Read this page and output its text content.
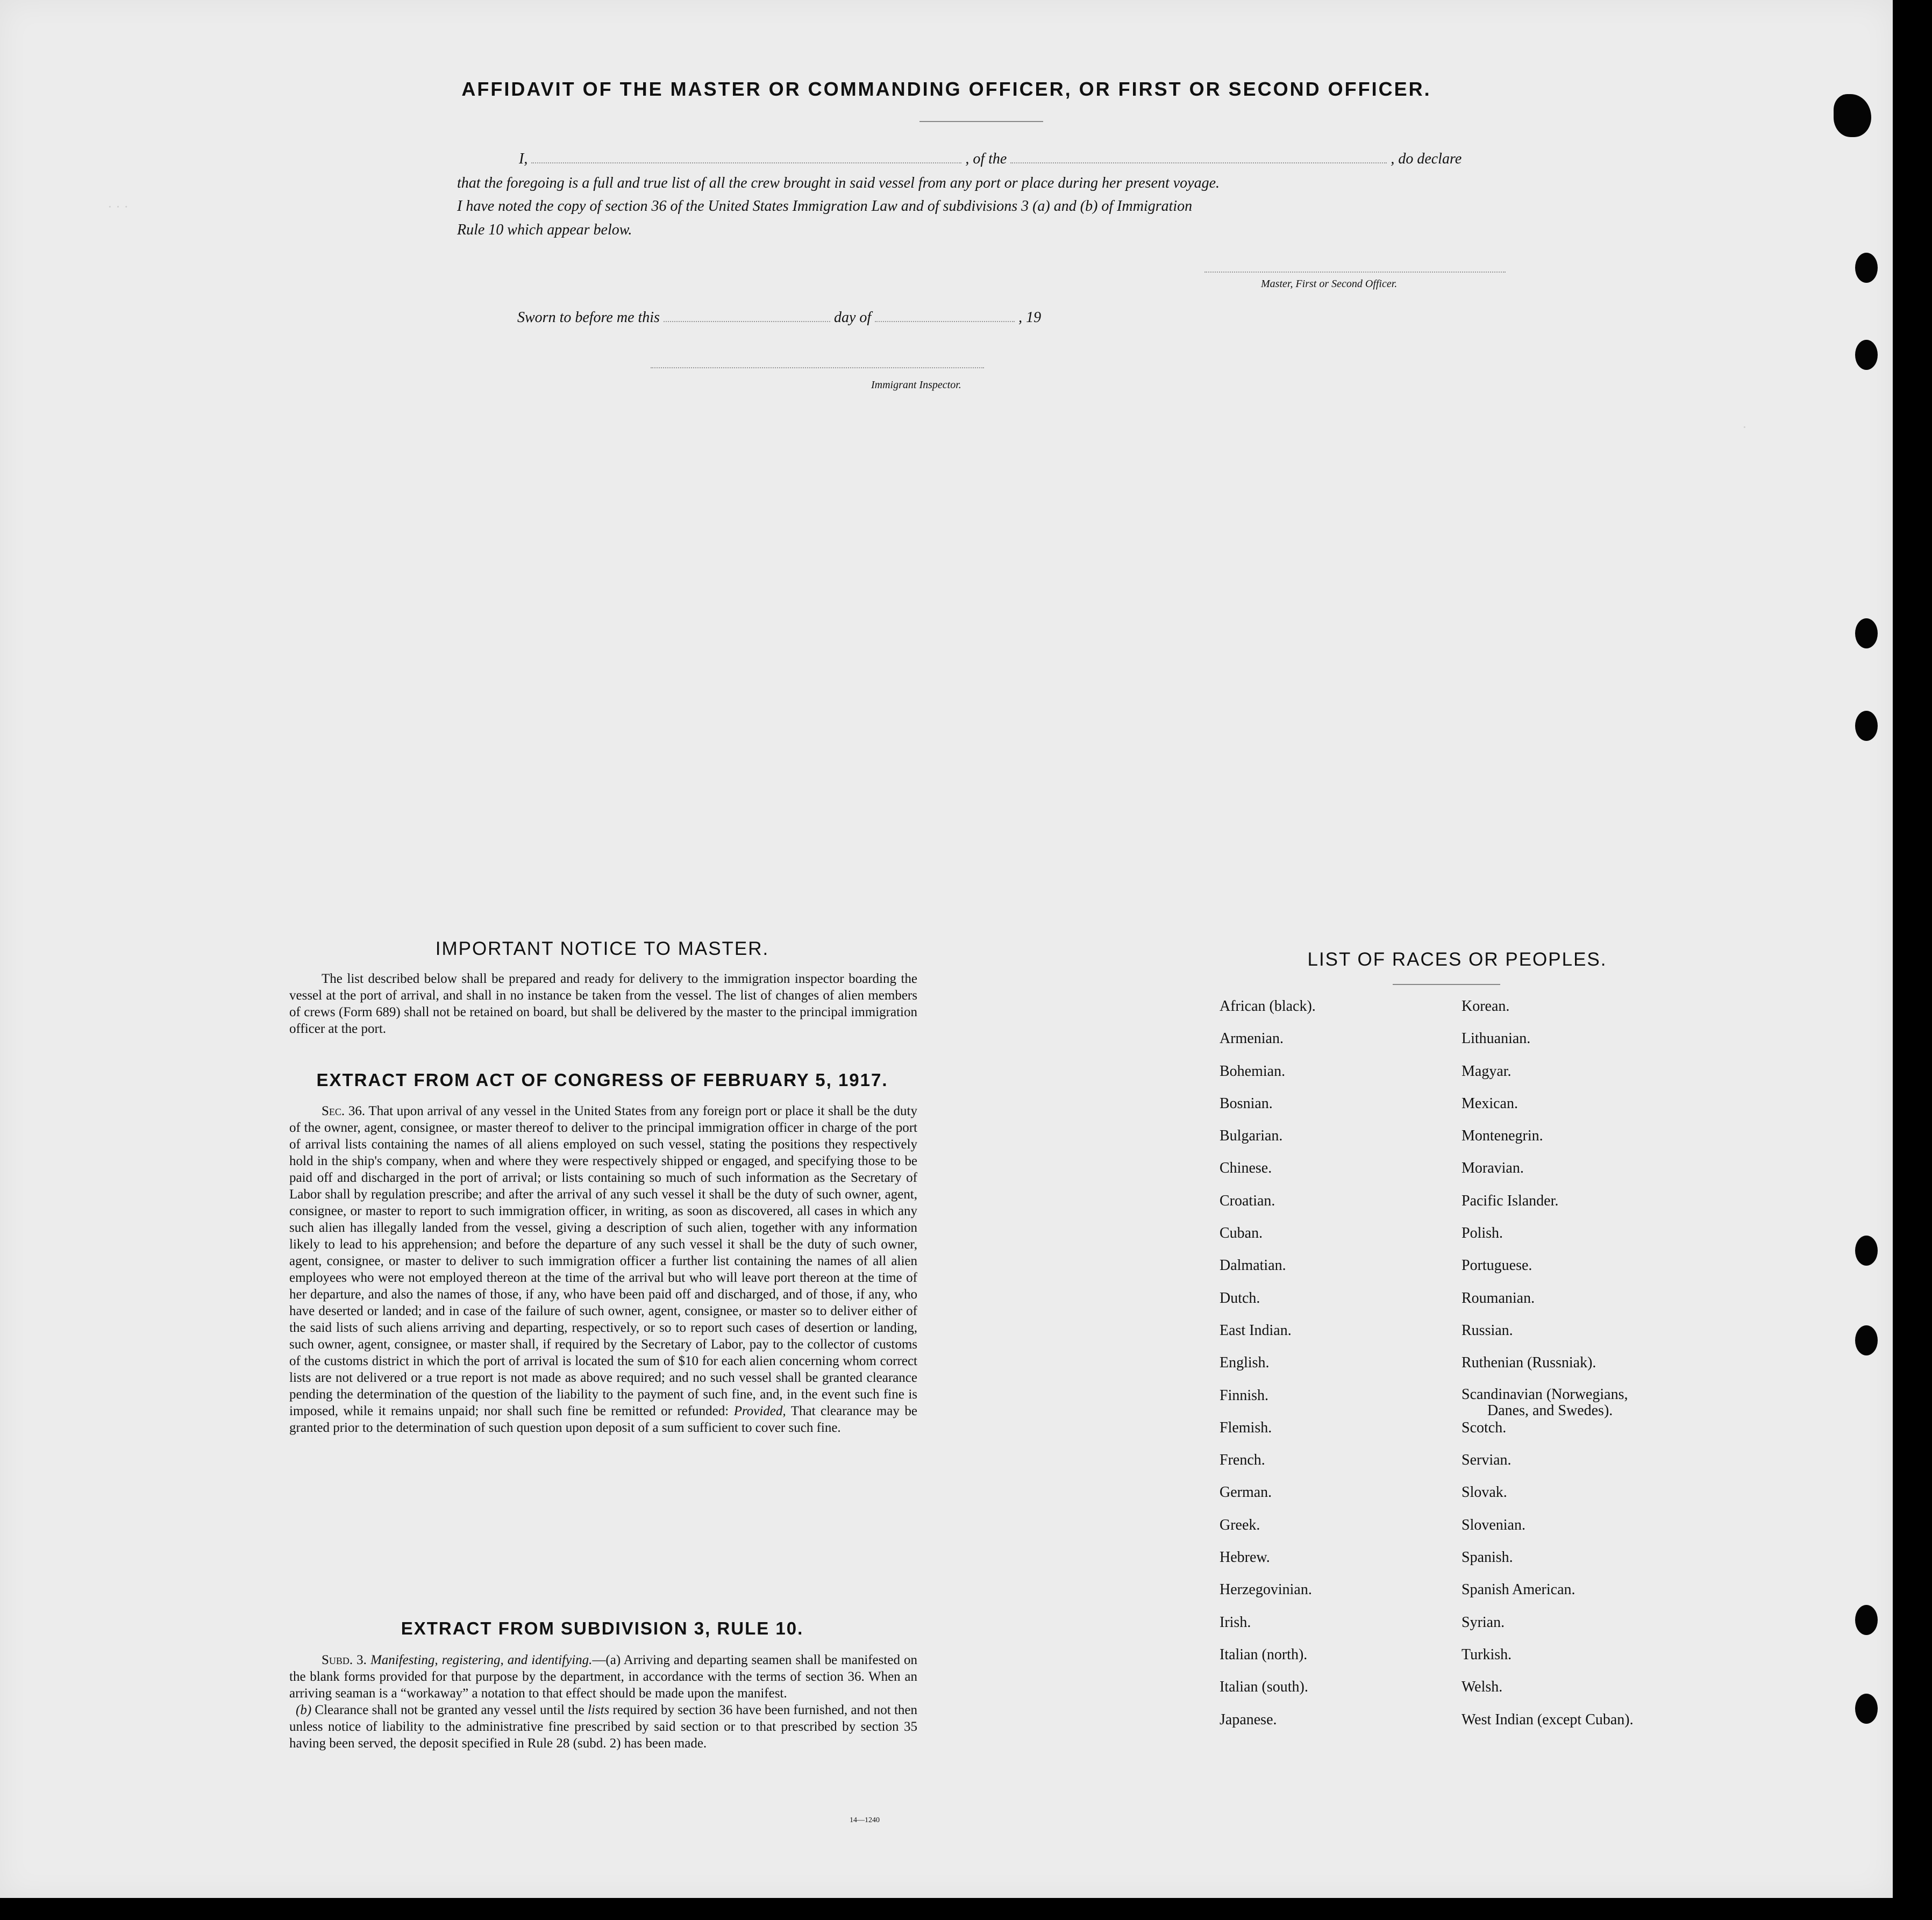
· · ·
·
AFFIDAVIT OF THE MASTER OR COMMANDING OFFICER, OR FIRST OR SECOND OFFICER.
I,	, of the	, do declare
that the foregoing is a full and true list of all the crew brought in said vessel from any port or place during her present voyage.
I have noted the copy of section 36 of the United States Immigration Law and of subdivisions 3 (a) and (b) of Immigration
Rule 10 which appear below.
Master, First or Second Officer.
Sworn to before me this	day of	, 19
Immigrant Inspector.
IMPORTANT NOTICE TO MASTER.
The list described below shall be prepared and ready for delivery to the immigration inspector boarding the vessel at the port of arrival, and shall in no instance be taken from the vessel. The list of changes of alien members of crews (Form 689) shall not be retained on board, but shall be delivered by the master to the principal immigration officer at the port.
EXTRACT FROM ACT OF CONGRESS OF FEBRUARY 5, 1917.
Sec. 36. That upon arrival of any vessel in the United States from any foreign port or place it shall be the duty of the owner, agent, consignee, or master thereof to deliver to the principal immigration officer in charge of the port of arrival lists containing the names of all aliens employed on such vessel, stating the positions they respectively hold in the ship's company, when and where they were respectively shipped or engaged, and specifying those to be paid off and discharged in the port of arrival; or lists containing so much of such information as the Secretary of Labor shall by regulation prescribe; and after the arrival of any such vessel it shall be the duty of such owner, agent, consignee, or master to report to such immigration officer, in writing, as soon as discovered, all cases in which any such alien has illegally landed from the vessel, giving a description of such alien, together with any information likely to lead to his apprehension; and before the departure of any such vessel it shall be the duty of such owner, agent, consignee, or master to deliver to such immigration officer a further list containing the names of all alien employees who were not employed thereon at the time of the arrival but who will leave port thereon at the time of her departure, and also the names of those, if any, who have been paid off and discharged, and of those, if any, who have deserted or landed; and in case of the failure of such owner, agent, consignee, or master so to deliver either of the said lists of such aliens arriving and departing, respectively, or so to report such cases of desertion or landing, such owner, agent, consignee, or master shall, if required by the Secretary of Labor, pay to the collector of customs of the customs district in which the port of arrival is located the sum of $10 for each alien concerning whom correct lists are not delivered or a true report is not made as above required; and no such vessel shall be granted clearance pending the determination of the question of the liability to the payment of such fine, and, in the event such fine is imposed, while it remains unpaid; nor shall such fine be remitted or refunded: Provided, That clearance may be granted prior to the determination of such question upon deposit of a sum sufficient to cover such fine.
EXTRACT FROM SUBDIVISION 3, RULE 10.

Subd. 3. Manifesting, registering, and identifying.—(a) Arriving and departing seamen shall be manifested on the blank forms provided for that purpose by the department, in accordance with the terms of section 36. When an arriving seaman is a “workaway” a notation to that effect should be made upon the manifest.

(b) Clearance shall not be granted any vessel until the lists required by section 36 have been furnished, and not then unless notice of liability to the administrative fine prescribed by said section or to that prescribed by section 35 having been served, the deposit specified in Rule 28 (subd. 2) has been made.

14—1240
LIST OF RACES OR PEOPLES.
African (black).
Armenian.
Bohemian.
Bosnian.
Bulgarian.
Chinese.
Croatian.
Cuban.
Dalmatian.
Dutch.
East Indian.
English.
Finnish.
Flemish.
French.
German.
Greek.
Hebrew.
Herzegovinian.
Irish.
Italian (north).
Italian (south).
Japanese.
Korean.
Lithuanian.
Magyar.
Mexican.
Montenegrin.
Moravian.
Pacific Islander.
Polish.
Portuguese.
Roumanian.
Russian.
Ruthenian (Russniak).
Scandinavian (Norwegians,
Danes, and Swedes).
Scotch.
Servian.
Slovak.
Slovenian.
Spanish.
Spanish American.
Syrian.
Turkish.
Welsh.
West Indian (except Cuban).
